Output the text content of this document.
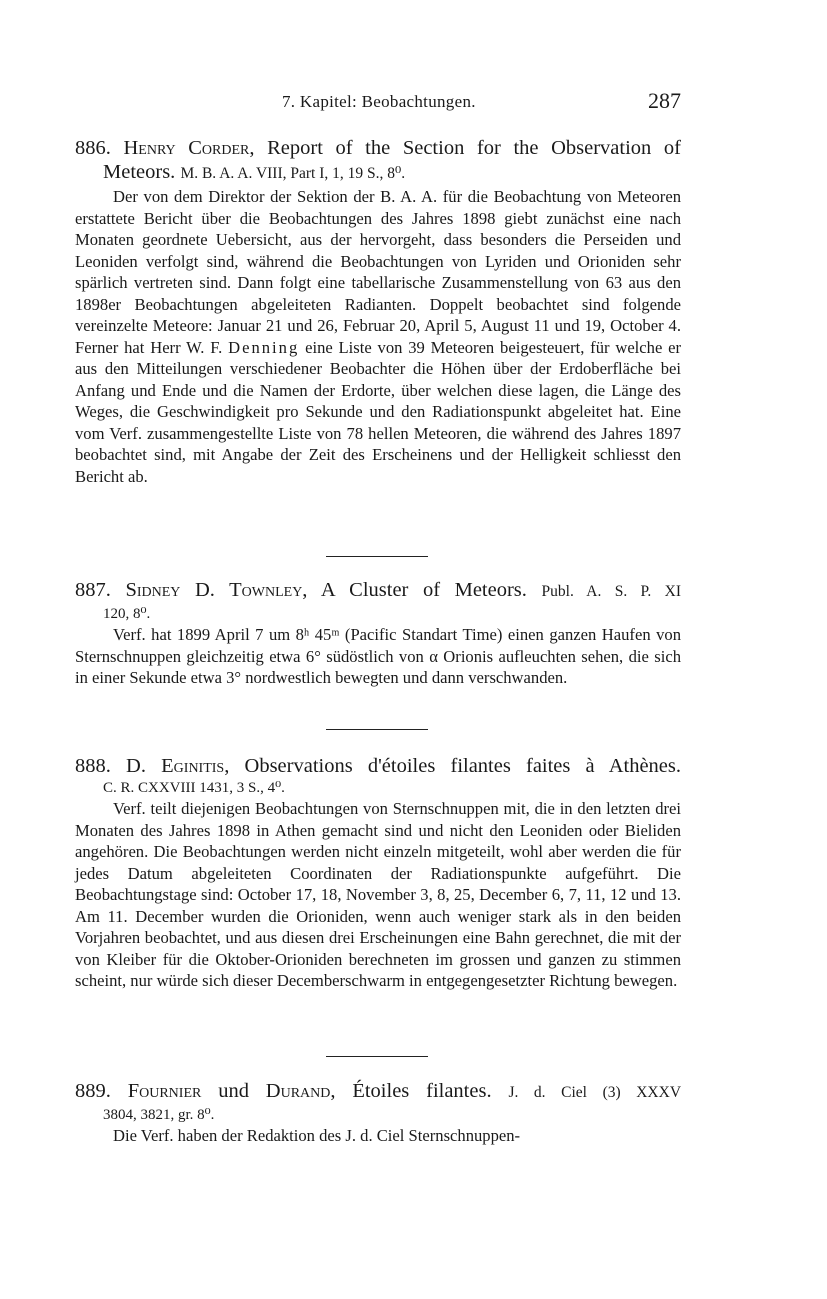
7. Kapitel: Beobachtungen.	287

886. Henry Corder, Report of the Section for the Observation of

Meteors. M. B. A. A. VIII, Part I, 1, 19 S., 8⁰.

Der von dem Direktor der Sektion der B. A. A. für die Beobachtung von Meteoren erstattete Bericht über die Beobachtungen des Jahres 1898 giebt zunächst eine nach Monaten geordnete Uebersicht, aus der hervorgeht, dass besonders die Perseiden und Leoniden verfolgt sind, während die Beobachtungen von Lyriden und Orioniden sehr spärlich vertreten sind. Dann folgt eine tabellarische Zusammenstellung von 63 aus den 1898er Beobachtungen abgeleiteten Radianten. Doppelt beobachtet sind folgende vereinzelte Meteore: Januar 21 und 26, Februar 20, April 5, August 11 und 19, October 4. Ferner hat Herr W. F. Denning eine Liste von 39 Meteoren beigesteuert, für welche er aus den Mitteilungen verschiedener Beobachter die Höhen über der Erdoberfläche bei Anfang und Ende und die Namen der Erdorte, über welchen diese lagen, die Länge des Weges, die Geschwindigkeit pro Sekunde und den Radiationspunkt abgeleitet hat. Eine vom Verf. zusammengestellte Liste von 78 hellen Meteoren, die während des Jahres 1897 beobachtet sind, mit Angabe der Zeit des Erscheinens und der Helligkeit schliesst den Bericht ab.

887. Sidney D. Townley, A Cluster of Meteors. Publ. A. S. P. XI

120, 8⁰.

Verf. hat 1899 April 7 um 8ʰ 45ᵐ (Pacific Standart Time) einen ganzen Haufen von Sternschnuppen gleichzeitig etwa 6° südöstlich von α Orionis aufleuchten sehen, die sich in einer Sekunde etwa 3° nordwestlich bewegten und dann verschwanden.

888. D. Eginitis, Observations d'étoiles filantes faites à Athènes.

C. R. CXXVIII 1431, 3 S., 4⁰.

Verf. teilt diejenigen Beobachtungen von Sternschnuppen mit, die in den letzten drei Monaten des Jahres 1898 in Athen gemacht sind und nicht den Leoniden oder Bieliden angehören. Die Beobachtungen werden nicht einzeln mitgeteilt, wohl aber werden die für jedes Datum abgeleiteten Coordinaten der Radiationspunkte aufgeführt. Die Beobachtungstage sind: October 17, 18, November 3, 8, 25, December 6, 7, 11, 12 und 13. Am 11. December wurden die Orioniden, wenn auch weniger stark als in den beiden Vorjahren beobachtet, und aus diesen drei Erscheinungen eine Bahn gerechnet, die mit der von Kleiber für die Oktober-Orioniden berechneten im grossen und ganzen zu stimmen scheint, nur würde sich dieser Decemberschwarm in entgegengesetzter Richtung bewegen.

889. Fournier und Durand, Étoiles filantes. J. d. Ciel (3) XXXV

3804, 3821, gr. 8⁰.

Die Verf. haben der Redaktion des J. d. Ciel Sternschnuppen-
